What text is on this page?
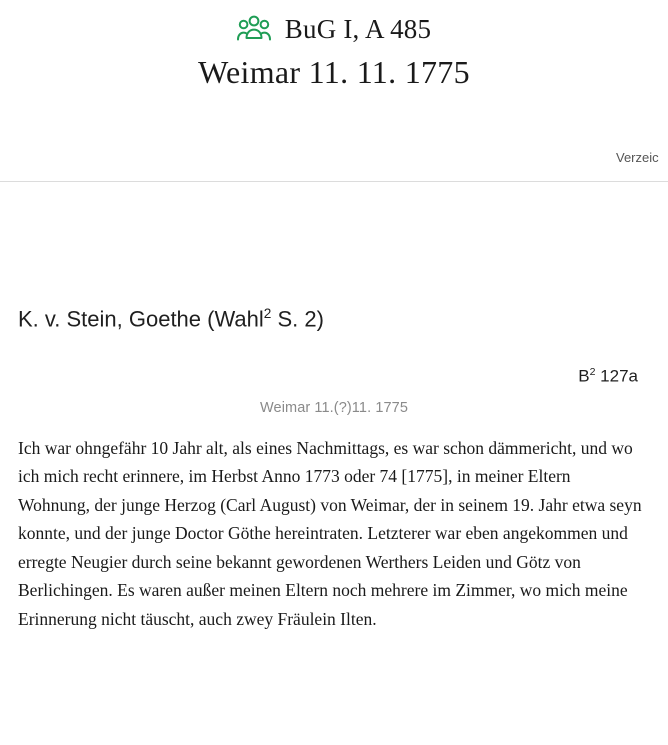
BuG I, A 485
Weimar 11. 11. 1775
Verzeic
K. v. Stein, Goethe (Wahl$^2$ S. 2)
$B^2$ 127a
Weimar 11.(?)11. 1775
Ich war ohngefähr 10 Jahr alt, als eines Nachmittags, es war schon dämmericht, und wo ich mich recht erinnere, im Herbst Anno 1773 oder 74 [1775], in meiner Eltern Wohnung, der junge Herzog (Carl August) von Weimar, der in seinem 19. Jahr etwa seyn konnte, und der junge Doctor Göthe hereintraten. Letzterer war eben angekommen und erregte Neugier durch seine bekannt gewordenen Werthers Leiden und Götz von Berlichingen. Es waren außer meinen Eltern noch mehrere im Zimmer, wo mich meine Erinnerung nicht täuscht, auch zwey Fräulein Ilten.
